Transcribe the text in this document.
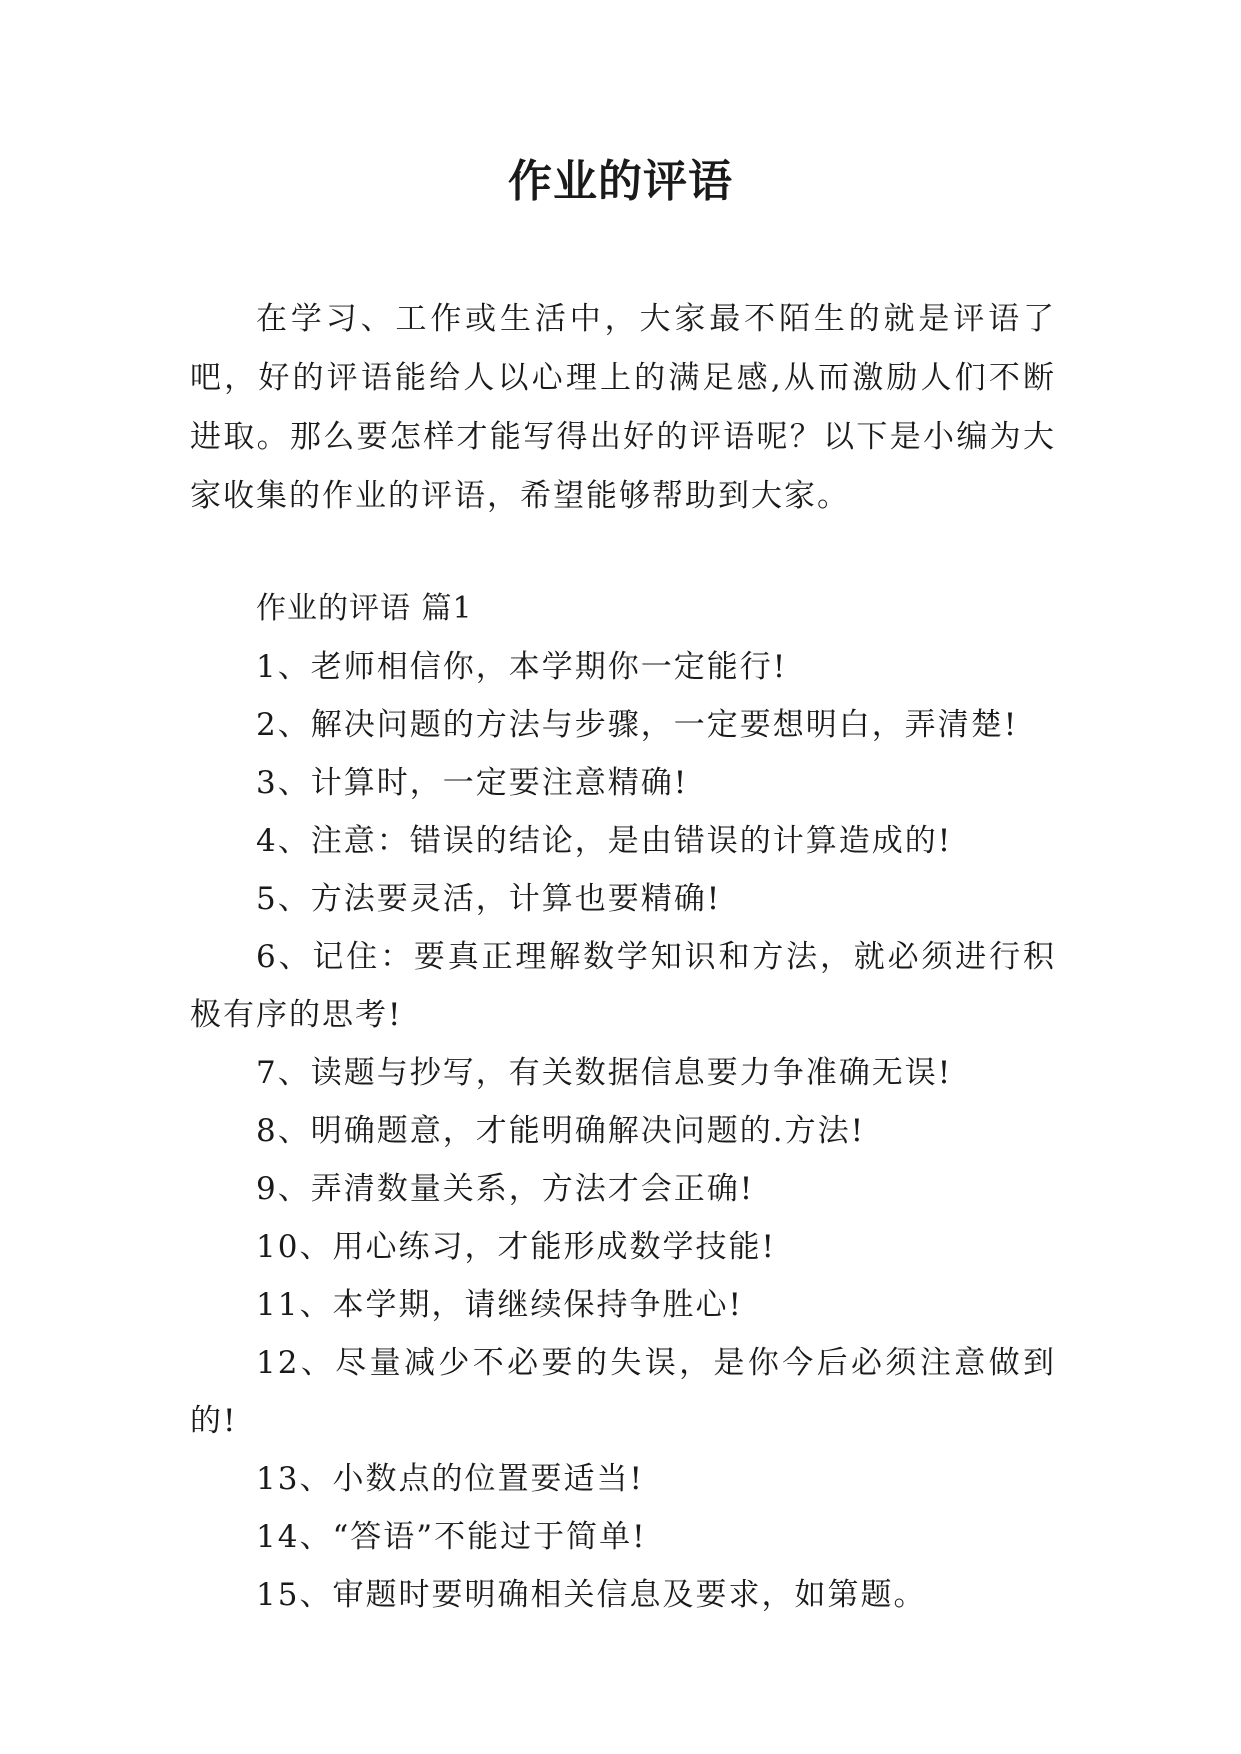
作业的评语

在学习、工作或生活中，大家最不陌生的就是评语了吧，好的评语能给人以心理上的满足感,从而激励人们不断进取。那么要怎样才能写得出好的评语呢？以下是小编为大家收集的作业的评语，希望能够帮助到大家。

作业的评语 篇1

1、老师相信你，本学期你一定能行!

2、解决问题的方法与步骤，一定要想明白，弄清楚!

3、计算时，一定要注意精确!

4、注意：错误的结论，是由错误的计算造成的!

5、方法要灵活，计算也要精确!

6、记住：要真正理解数学知识和方法，就必须进行积极有序的思考!

7、读题与抄写，有关数据信息要力争准确无误!

8、明确题意，才能明确解决问题的.方法!

9、弄清数量关系，方法才会正确!

10、用心练习，才能形成数学技能!

11、本学期，请继续保持争胜心!

12、尽量减少不必要的失误，是你今后必须注意做到的!

13、小数点的位置要适当!

14、“答语”不能过于简单!

15、审题时要明确相关信息及要求，如第题。
